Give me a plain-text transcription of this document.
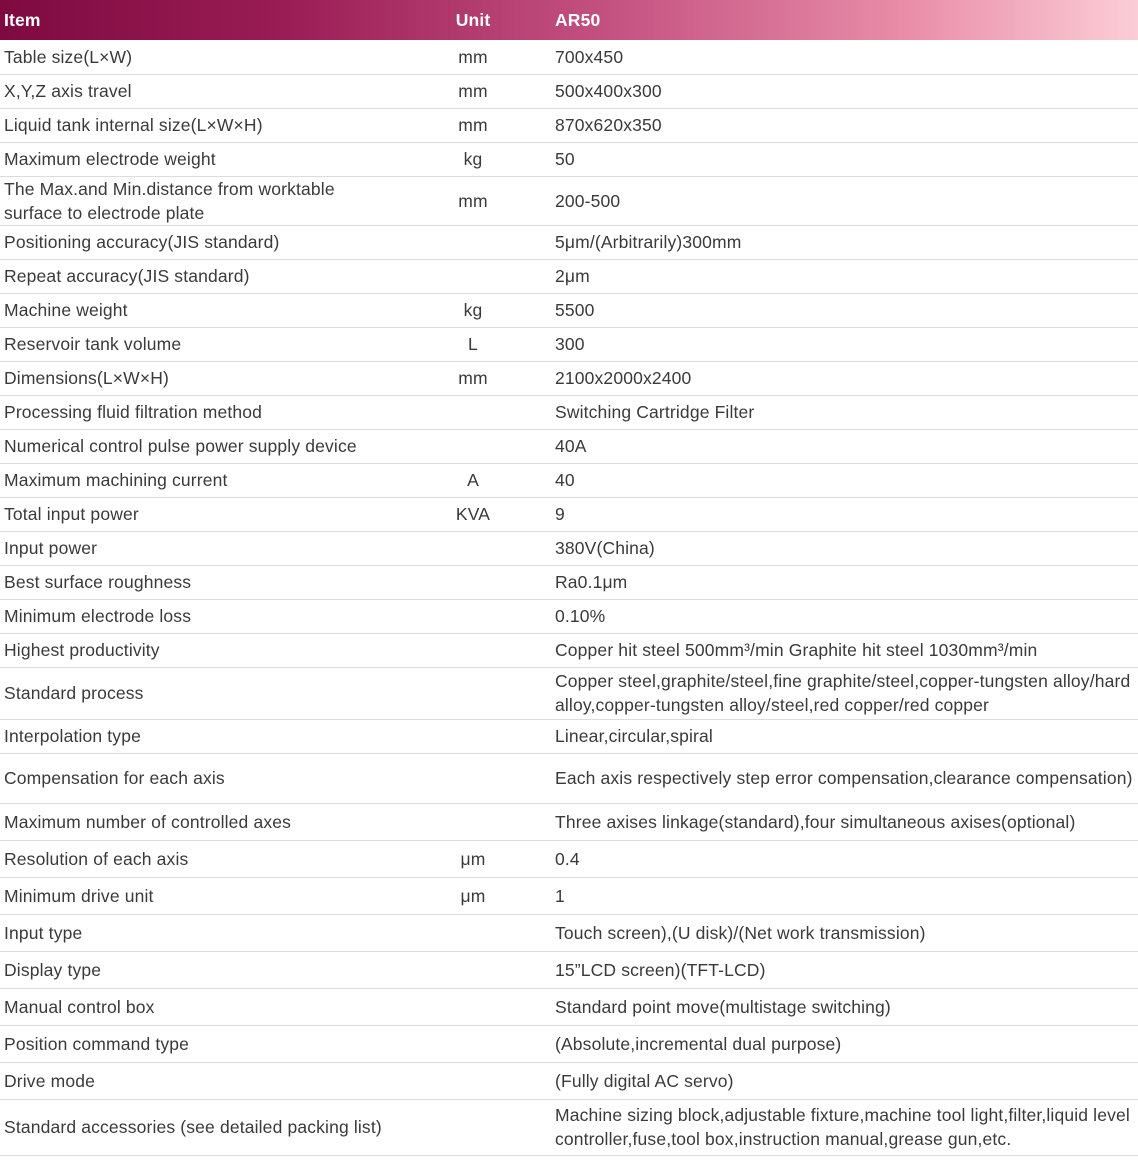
Item	Unit	AR50
Table size(L×W)	mm	700x450
X,Y,Z axis travel	mm	500x400x300
Liquid tank internal size(L×W×H)	mm	870x620x350
Maximum electrode weight	kg	50
The Max.and Min.distance from worktable surface to electrode plate	mm	200-500
Positioning accuracy(JIS standard)		5μm/(Arbitrarily)300mm
Repeat accuracy(JIS standard)		2μm
Machine weight	kg	5500
Reservoir tank volume	L	300
Dimensions(L×W×H)	mm	2100x2000x2400
Processing fluid filtration method		Switching Cartridge Filter
Numerical control pulse power supply device		40A
Maximum machining current	A	40
Total input power	KVA	9
Input power		380V(China)
Best surface roughness		Ra0.1μm
Minimum electrode loss		0.10%
Highest productivity		Copper hit steel 500mm³/min Graphite hit steel 1030mm³/min
Standard process		Copper steel,graphite/steel,fine graphite/steel,copper-tungsten alloy/hard alloy,copper-tungsten alloy/steel,red copper/red copper
Interpolation type		Linear,circular,spiral
Compensation for each axis		Each axis respectively step error compensation,clearance compensation)
Maximum number of controlled axes		Three axises linkage(standard),four simultaneous axises(optional)
Resolution of each axis	μm	0.4
Minimum drive unit	μm	1
Input type		Touch screen),(U disk)/(Net work transmission)
Display type		15”LCD screen)(TFT-LCD)
Manual control box		Standard point move(multistage switching)
Position command type		(Absolute,incremental dual purpose)
Drive mode		(Fully digital AC servo)
Standard accessories (see detailed packing list)		Machine sizing block,adjustable fixture,machine tool light,filter,liquid level controller,fuse,tool box,instruction manual,grease gun,etc.
